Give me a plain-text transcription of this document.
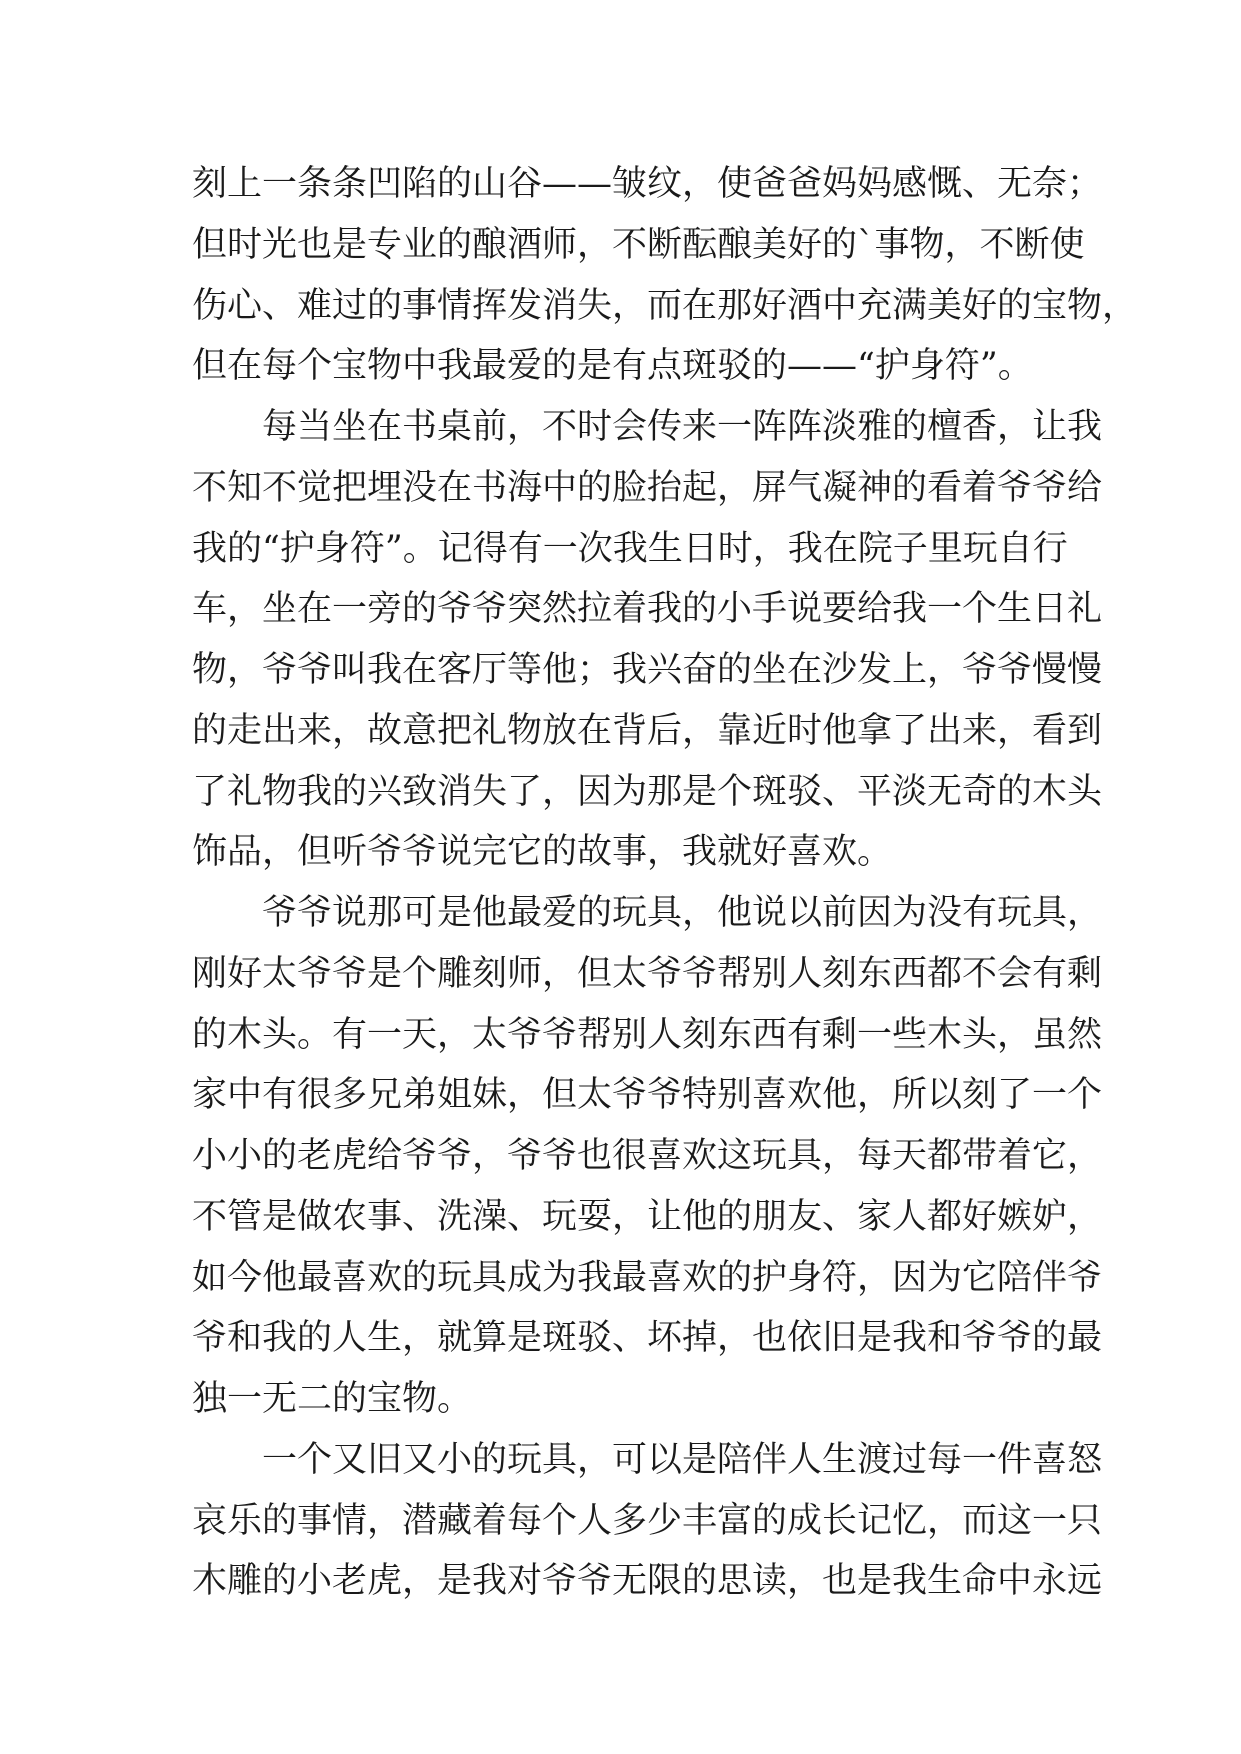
刻上一条条凹陷的山谷——皱纹，使爸爸妈妈感慨、无奈；
但时光也是专业的酿酒师，不断酝酿美好的`事物，不断使
伤心、难过的事情挥发消失，而在那好酒中充满美好的宝物，
但在每个宝物中我最爱的是有点斑驳的——“护身符”。
每当坐在书桌前，不时会传来一阵阵淡雅的檀香，让我
不知不觉把埋没在书海中的脸抬起，屏气凝神的看着爷爷给
我的“护身符”。记得有一次我生日时，我在院子里玩自行
车，坐在一旁的爷爷突然拉着我的小手说要给我一个生日礼
物，爷爷叫我在客厅等他；我兴奋的坐在沙发上，爷爷慢慢
的走出来，故意把礼物放在背后，靠近时他拿了出来，看到
了礼物我的兴致消失了，因为那是个斑驳、平淡无奇的木头
饰品，但听爷爷说完它的故事，我就好喜欢。
爷爷说那可是他最爱的玩具，他说以前因为没有玩具，
刚好太爷爷是个雕刻师，但太爷爷帮别人刻东西都不会有剩
的木头。有一天，太爷爷帮别人刻东西有剩一些木头，虽然
家中有很多兄弟姐妹，但太爷爷特别喜欢他，所以刻了一个
小小的老虎给爷爷，爷爷也很喜欢这玩具，每天都带着它，
不管是做农事、洗澡、玩耍，让他的朋友、家人都好嫉妒，
如今他最喜欢的玩具成为我最喜欢的护身符，因为它陪伴爷
爷和我的人生，就算是斑驳、坏掉，也依旧是我和爷爷的最
独一无二的宝物。
一个又旧又小的玩具，可以是陪伴人生渡过每一件喜怒
哀乐的事情，潜藏着每个人多少丰富的成长记忆，而这一只
木雕的小老虎，是我对爷爷无限的思读，也是我生命中永远
